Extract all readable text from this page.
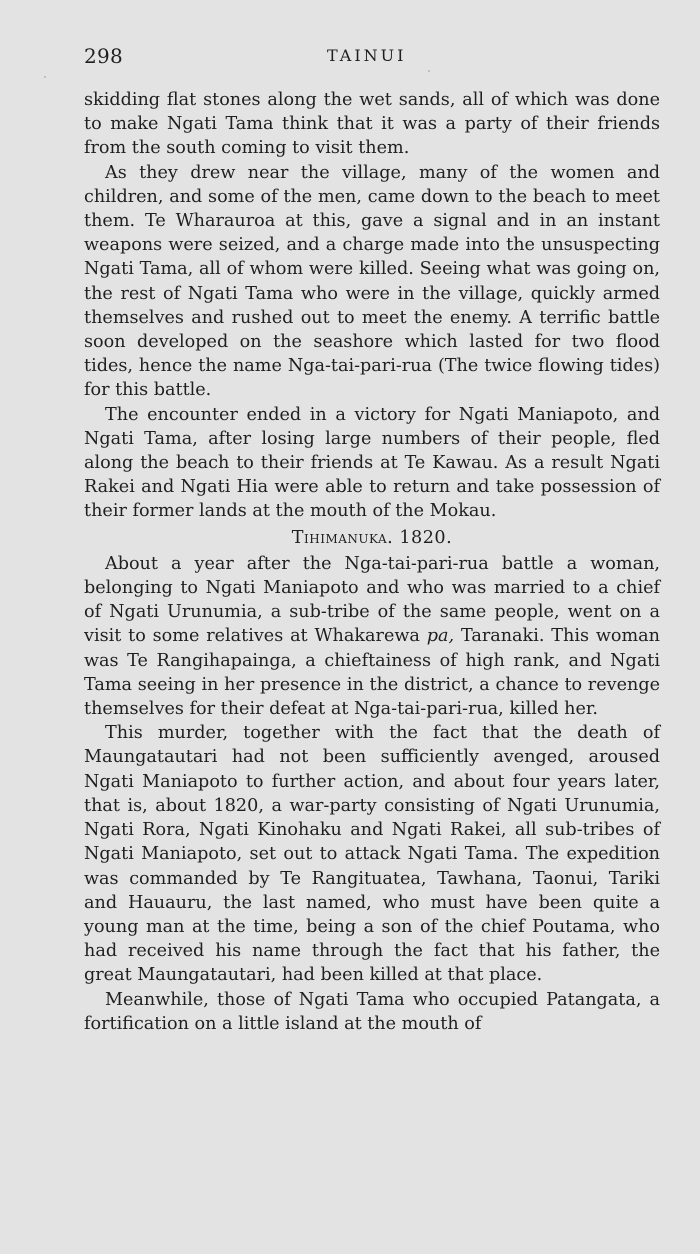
298	TAINUI

skidding flat stones along the wet sands, all of which was done to make Ngati Tama think that it was a party of their friends from the south coming to visit them.

As they drew near the village, many of the women and children, and some of the men, came down to the beach to meet them. Te Wharauroa at this, gave a signal and in an instant weapons were seized, and a charge made into the unsuspecting Ngati Tama, all of whom were killed. Seeing what was going on, the rest of Ngati Tama who were in the village, quickly armed themselves and rushed out to meet the enemy. A terrific battle soon developed on the seashore which lasted for two flood tides, hence the name Nga-tai-pari-rua (The twice flowing tides) for this battle.

The encounter ended in a victory for Ngati Maniapoto, and Ngati Tama, after losing large numbers of their people, fled along the beach to their friends at Te Kawau. As a result Ngati Rakei and Ngati Hia were able to return and take possession of their former lands at the mouth of the Mokau.

Tihimanuka. 1820.

About a year after the Nga-tai-pari-rua battle a woman, belonging to Ngati Maniapoto and who was married to a chief of Ngati Urunumia, a sub-tribe of the same people, went on a visit to some relatives at Whakarewa pa, Taranaki. This woman was Te Rangihapainga, a chieftainess of high rank, and Ngati Tama seeing in her presence in the district, a chance to revenge themselves for their defeat at Nga-tai-pari-rua, killed her.

This murder, together with the fact that the death of Maungatautari had not been sufficiently avenged, aroused Ngati Maniapoto to further action, and about four years later, that is, about 1820, a war-party consisting of Ngati Urunumia, Ngati Rora, Ngati Kinohaku and Ngati Rakei, all sub-tribes of Ngati Maniapoto, set out to attack Ngati Tama. The expedition was commanded by Te Rangituatea, Tawhana, Taonui, Tariki and Hauauru, the last named, who must have been quite a young man at the time, being a son of the chief Poutama, who had received his name through the fact that his father, the great Maungatautari, had been killed at that place.

Meanwhile, those of Ngati Tama who occupied Patangata, a fortification on a little island at the mouth of
